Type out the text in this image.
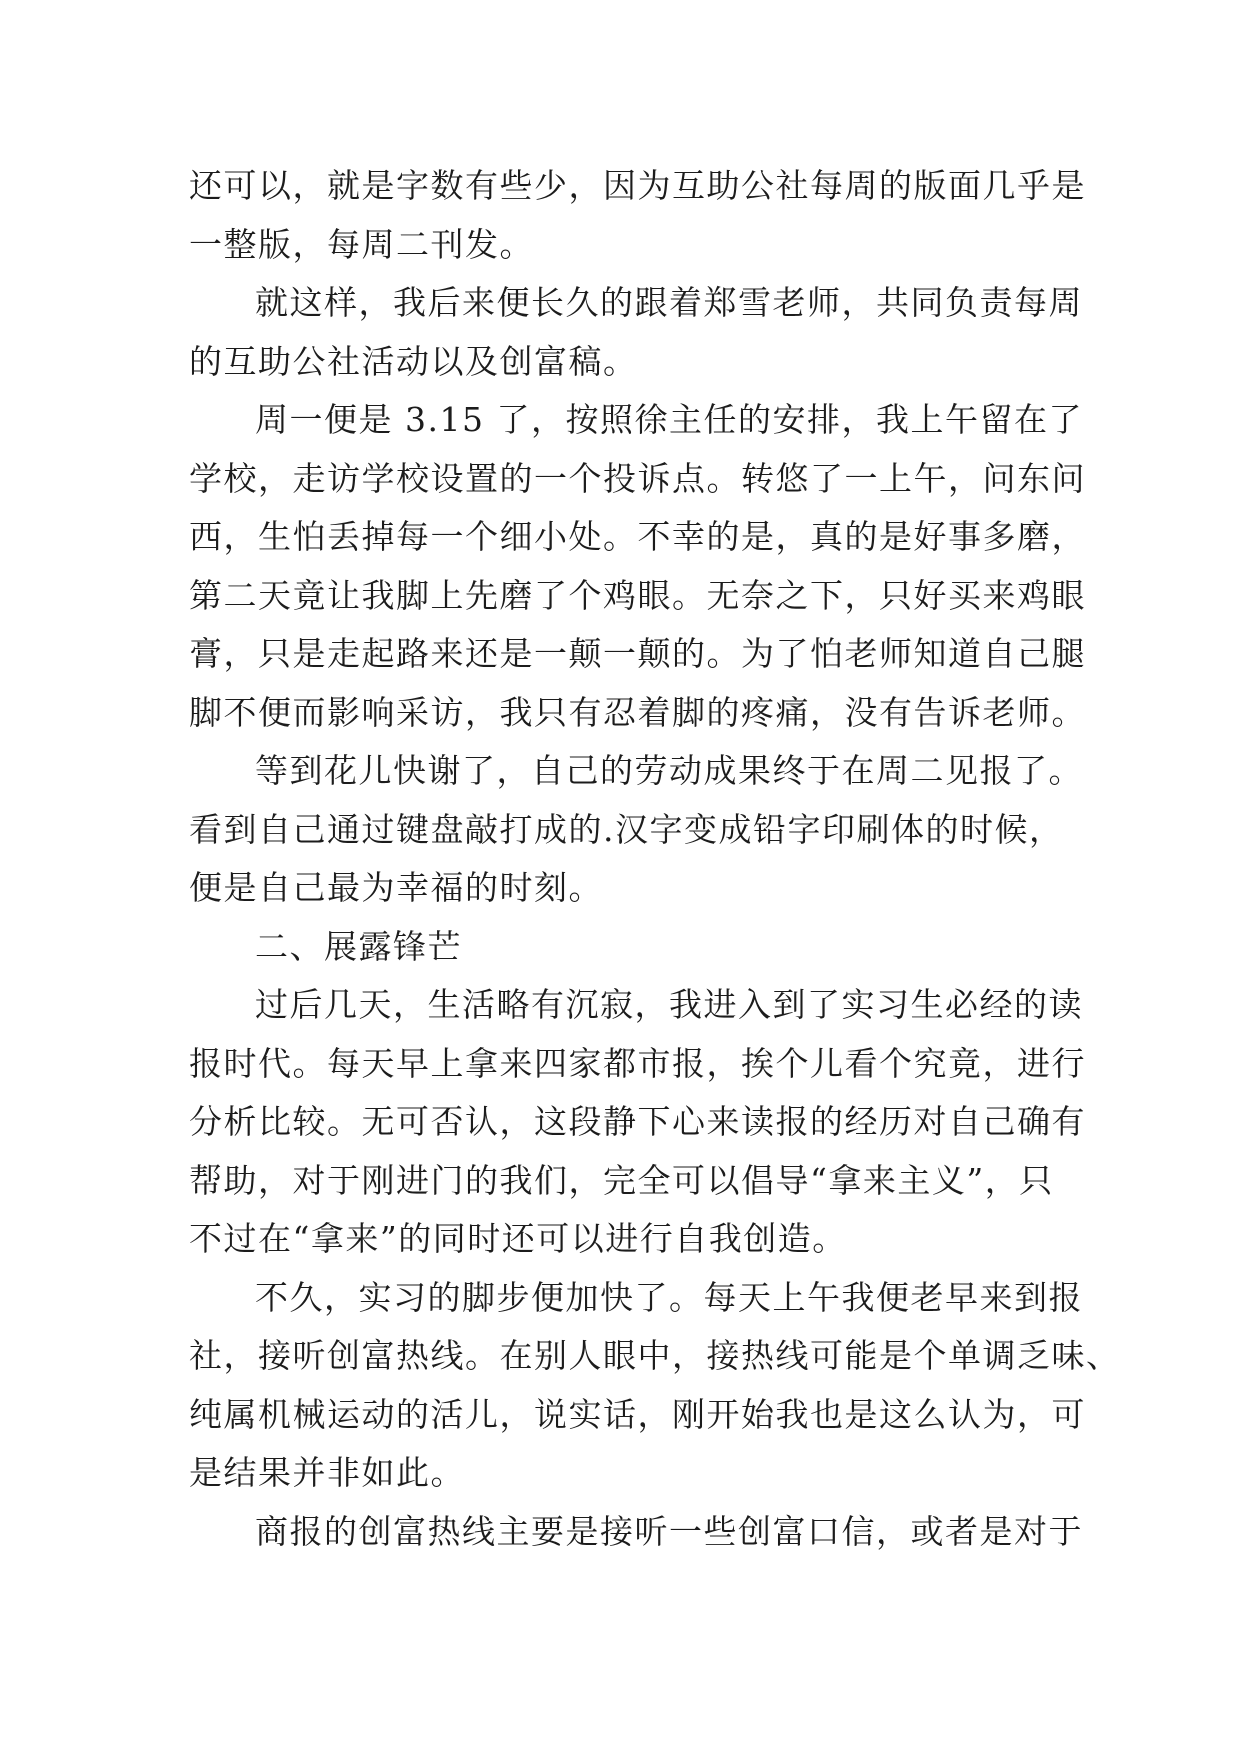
还可以，就是字数有些少，因为互助公社每周的版面几乎是
一整版，每周二刊发。
就这样，我后来便长久的跟着郑雪老师，共同负责每周
的互助公社活动以及创富稿。
周一便是 3.15 了，按照徐主任的安排，我上午留在了
学校，走访学校设置的一个投诉点。转悠了一上午，问东问
西，生怕丢掉每一个细小处。不幸的是，真的是好事多磨，
第二天竟让我脚上先磨了个鸡眼。无奈之下，只好买来鸡眼
膏，只是走起路来还是一颠一颠的。为了怕老师知道自己腿
脚不便而影响采访，我只有忍着脚的疼痛，没有告诉老师。
等到花儿快谢了，自己的劳动成果终于在周二见报了。
看到自己通过键盘敲打成的.汉字变成铅字印刷体的时候，
便是自己最为幸福的时刻。
二、展露锋芒
过后几天，生活略有沉寂，我进入到了实习生必经的读
报时代。每天早上拿来四家都市报，挨个儿看个究竟，进行
分析比较。无可否认，这段静下心来读报的经历对自己确有
帮助，对于刚进门的我们，完全可以倡导“拿来主义”，只
不过在“拿来”的同时还可以进行自我创造。
不久，实习的脚步便加快了。每天上午我便老早来到报
社，接听创富热线。在别人眼中，接热线可能是个单调乏味、
纯属机械运动的活儿，说实话，刚开始我也是这么认为，可
是结果并非如此。
商报的创富热线主要是接听一些创富口信，或者是对于
